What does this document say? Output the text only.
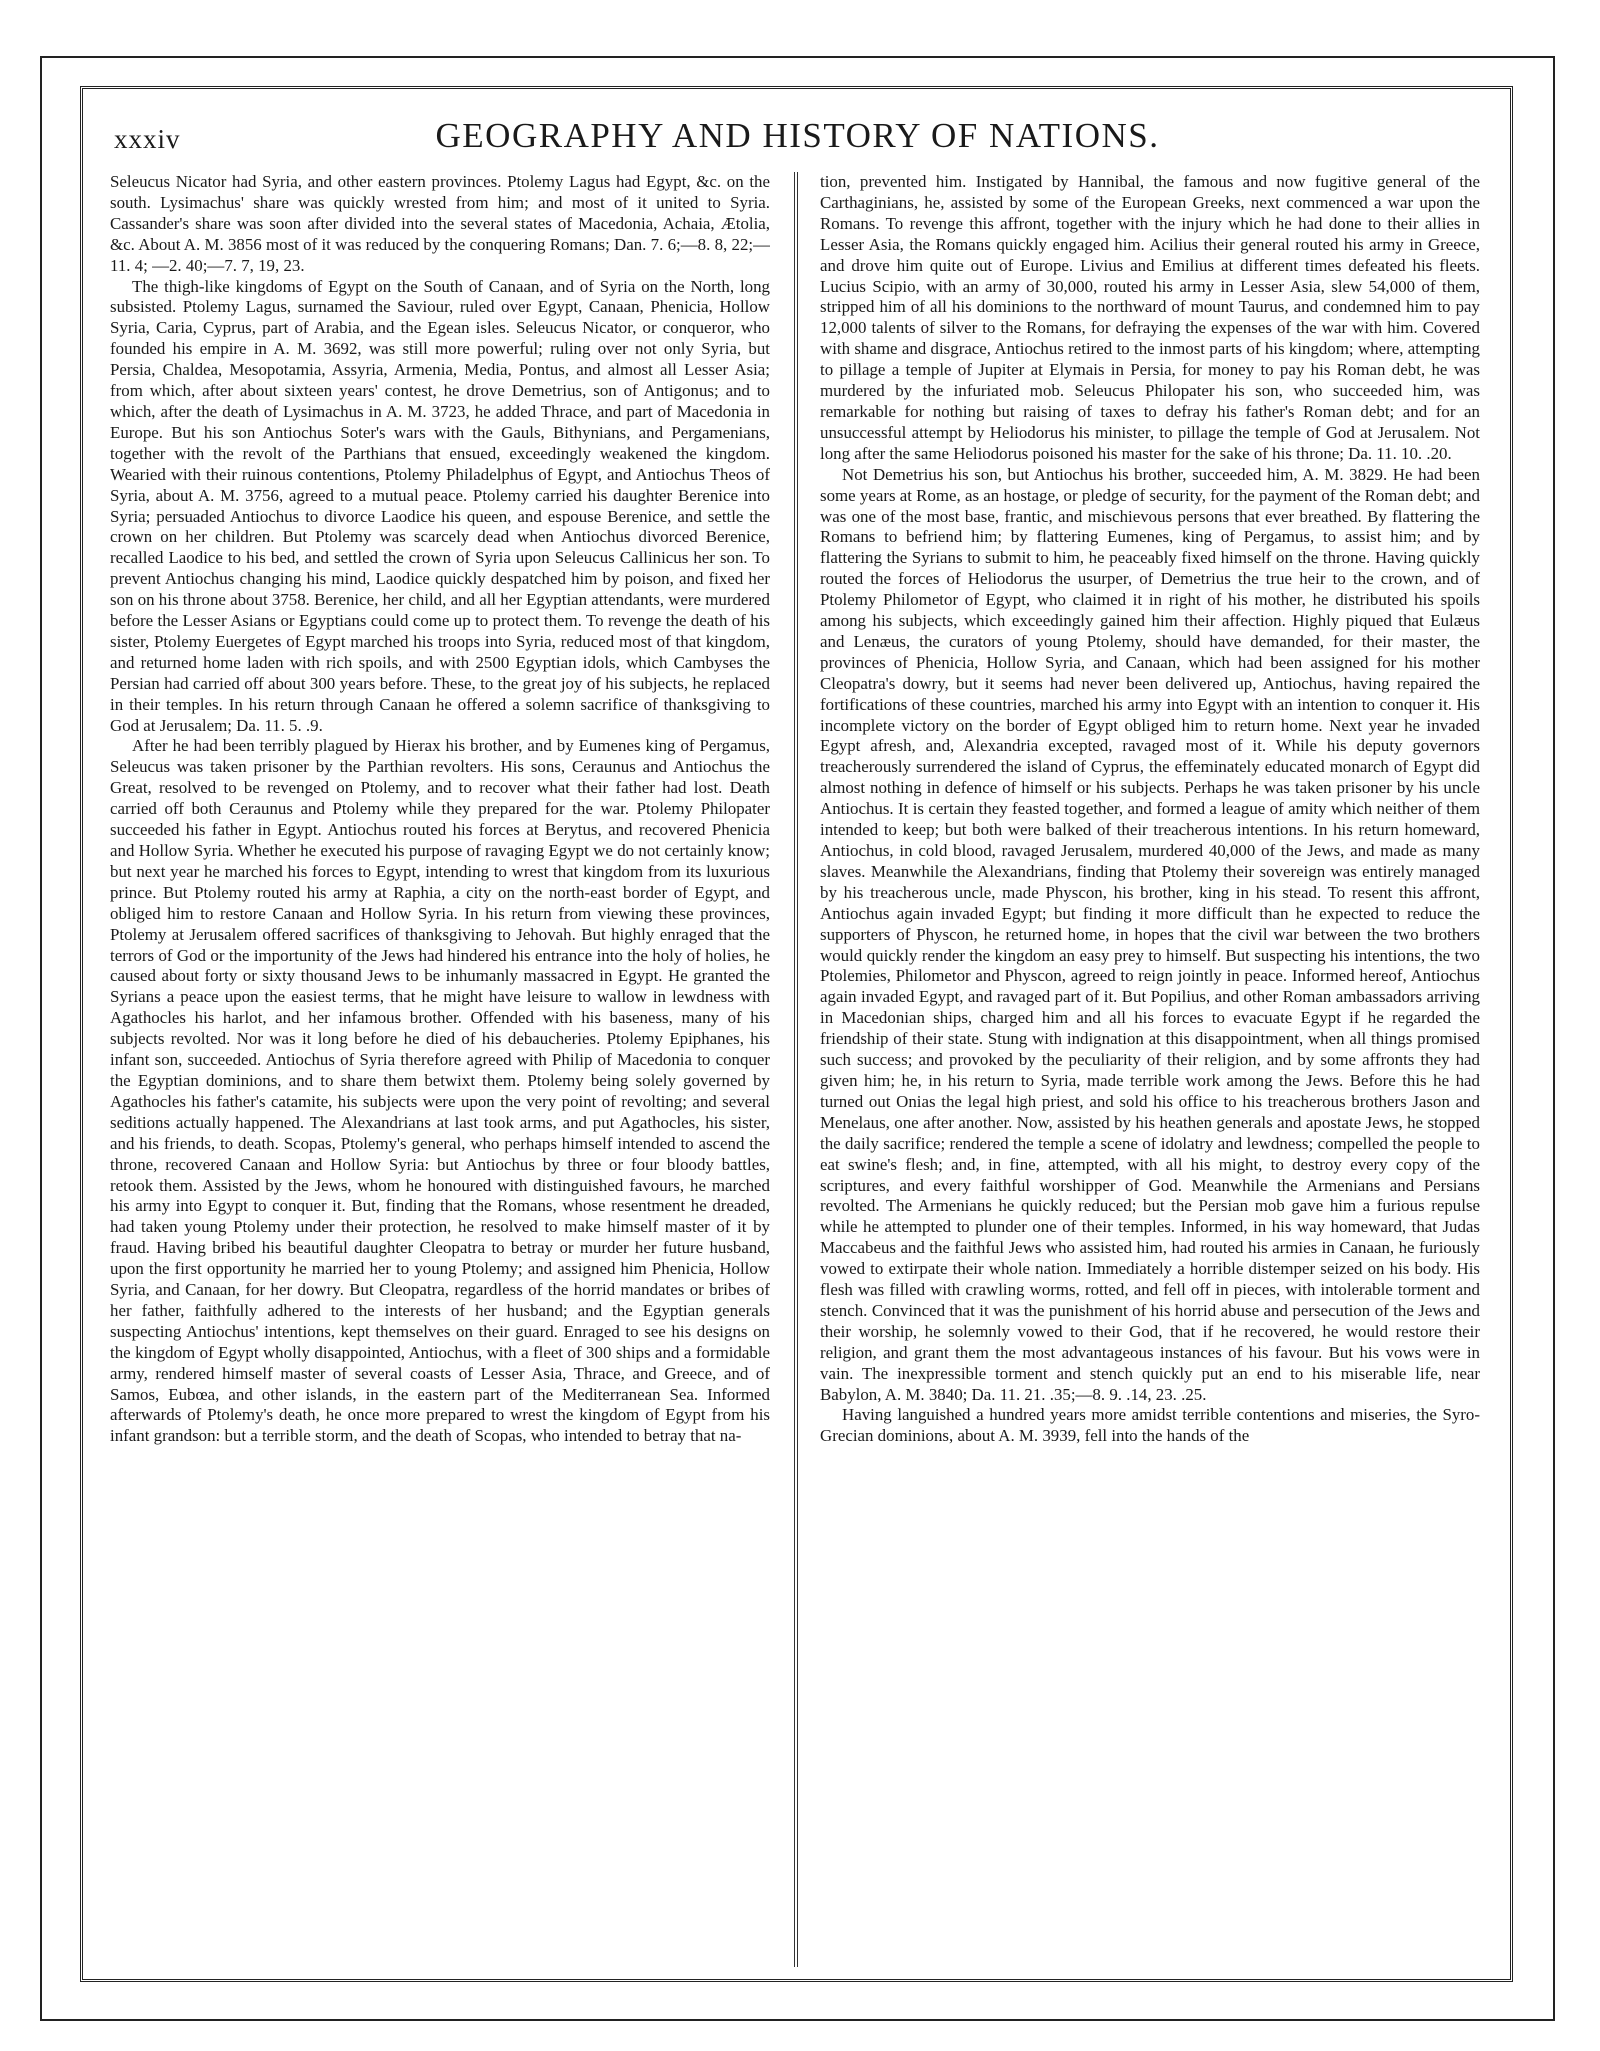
xxxiv	GEOGRAPHY AND HISTORY OF NATIONS.

Seleucus Nicator had Syria, and other eastern provinces. Ptolemy Lagus had Egypt, &c. on the south. Lysimachus' share was quickly wrested from him; and most of it united to Syria. Cassander's share was soon after divided into the several states of Macedonia, Achaia, Ætolia, &c. About A. M. 3856 most of it was reduced by the conquering Romans; Dan. 7. 6;—8. 8, 22;—11. 4; —2. 40;—7. 7, 19, 23.

The thigh-like kingdoms of Egypt on the South of Canaan, and of Syria on the North, long subsisted. Ptolemy Lagus, surnamed the Saviour, ruled over Egypt, Canaan, Phenicia, Hollow Syria, Caria, Cyprus, part of Arabia, and the Egean isles. Seleucus Nicator, or conqueror, who founded his empire in A. M. 3692, was still more powerful; ruling over not only Syria, but Persia, Chaldea, Mesopotamia, Assyria, Armenia, Media, Pontus, and almost all Lesser Asia; from which, after about sixteen years' contest, he drove Demetrius, son of Antigonus; and to which, after the death of Lysimachus in A. M. 3723, he added Thrace, and part of Macedonia in Europe. But his son Antiochus Soter's wars with the Gauls, Bithynians, and Pergamenians, together with the revolt of the Parthians that ensued, exceedingly weakened the kingdom. Wearied with their ruinous contentions, Ptolemy Philadelphus of Egypt, and Antiochus Theos of Syria, about A. M. 3756, agreed to a mutual peace. Ptolemy carried his daughter Berenice into Syria; persuaded Antiochus to divorce Laodice his queen, and espouse Berenice, and settle the crown on her children. But Ptolemy was scarcely dead when Antiochus divorced Berenice, recalled Laodice to his bed, and settled the crown of Syria upon Seleucus Callinicus her son. To prevent Antiochus changing his mind, Laodice quickly despatched him by poison, and fixed her son on his throne about 3758. Berenice, her child, and all her Egyptian attendants, were murdered before the Lesser Asians or Egyptians could come up to protect them. To revenge the death of his sister, Ptolemy Euergetes of Egypt marched his troops into Syria, reduced most of that kingdom, and returned home laden with rich spoils, and with 2500 Egyptian idols, which Cambyses the Persian had carried off about 300 years before. These, to the great joy of his subjects, he replaced in their temples. In his return through Canaan he offered a solemn sacrifice of thanksgiving to God at Jerusalem; Da. 11. 5. .9.

After he had been terribly plagued by Hierax his brother, and by Eumenes king of Pergamus, Seleucus was taken prisoner by the Parthian revolters. His sons, Ceraunus and Antiochus the Great, resolved to be revenged on Ptolemy, and to recover what their father had lost. Death carried off both Ceraunus and Ptolemy while they prepared for the war. Ptolemy Philopater succeeded his father in Egypt. Antiochus routed his forces at Berytus, and recovered Phenicia and Hollow Syria. Whether he executed his purpose of ravaging Egypt we do not certainly know; but next year he marched his forces to Egypt, intending to wrest that kingdom from its luxurious prince. But Ptolemy routed his army at Raphia, a city on the north-east border of Egypt, and obliged him to restore Canaan and Hollow Syria. In his return from viewing these provinces, Ptolemy at Jerusalem offered sacrifices of thanksgiving to Jehovah. But highly enraged that the terrors of God or the importunity of the Jews had hindered his entrance into the holy of holies, he caused about forty or sixty thousand Jews to be inhumanly massacred in Egypt. He granted the Syrians a peace upon the easiest terms, that he might have leisure to wallow in lewdness with Agathocles his harlot, and her infamous brother. Offended with his baseness, many of his subjects revolted. Nor was it long before he died of his debaucheries. Ptolemy Epiphanes, his infant son, succeeded. Antiochus of Syria therefore agreed with Philip of Macedonia to conquer the Egyptian dominions, and to share them betwixt them. Ptolemy being solely governed by Agathocles his father's catamite, his subjects were upon the very point of revolting; and several seditions actually happened. The Alexandrians at last took arms, and put Agathocles, his sister, and his friends, to death. Scopas, Ptolemy's general, who perhaps himself intended to ascend the throne, recovered Canaan and Hollow Syria: but Antiochus by three or four bloody battles, retook them. Assisted by the Jews, whom he honoured with distinguished favours, he marched his army into Egypt to conquer it. But, finding that the Romans, whose resentment he dreaded, had taken young Ptolemy under their protection, he resolved to make himself master of it by fraud. Having bribed his beautiful daughter Cleopatra to betray or murder her future husband, upon the first opportunity he married her to young Ptolemy; and assigned him Phenicia, Hollow Syria, and Canaan, for her dowry. But Cleopatra, regardless of the horrid mandates or bribes of her father, faithfully adhered to the interests of her husband; and the Egyptian generals suspecting Antiochus' intentions, kept themselves on their guard. Enraged to see his designs on the kingdom of Egypt wholly disappointed, Antiochus, with a fleet of 300 ships and a formidable army, rendered himself master of several coasts of Lesser Asia, Thrace, and Greece, and of Samos, Eubœa, and other islands, in the eastern part of the Mediterranean Sea. Informed afterwards of Ptolemy's death, he once more prepared to wrest the kingdom of Egypt from his infant grandson: but a terrible storm, and the death of Scopas, who intended to betray that na-

tion, prevented him. Instigated by Hannibal, the famous and now fugitive general of the Carthaginians, he, assisted by some of the European Greeks, next commenced a war upon the Romans. To revenge this affront, together with the injury which he had done to their allies in Lesser Asia, the Romans quickly engaged him. Acilius their general routed his army in Greece, and drove him quite out of Europe. Livius and Emilius at different times defeated his fleets. Lucius Scipio, with an army of 30,000, routed his army in Lesser Asia, slew 54,000 of them, stripped him of all his dominions to the northward of mount Taurus, and condemned him to pay 12,000 talents of silver to the Romans, for defraying the expenses of the war with him. Covered with shame and disgrace, Antiochus retired to the inmost parts of his kingdom; where, attempting to pillage a temple of Jupiter at Elymais in Persia, for money to pay his Roman debt, he was murdered by the infuriated mob. Seleucus Philopater his son, who succeeded him, was remarkable for nothing but raising of taxes to defray his father's Roman debt; and for an unsuccessful attempt by Heliodorus his minister, to pillage the temple of God at Jerusalem. Not long after the same Heliodorus poisoned his master for the sake of his throne; Da. 11. 10. .20.

Not Demetrius his son, but Antiochus his brother, succeeded him, A. M. 3829. He had been some years at Rome, as an hostage, or pledge of security, for the payment of the Roman debt; and was one of the most base, frantic, and mischievous persons that ever breathed. By flattering the Romans to befriend him; by flattering Eumenes, king of Pergamus, to assist him; and by flattering the Syrians to submit to him, he peaceably fixed himself on the throne. Having quickly routed the forces of Heliodorus the usurper, of Demetrius the true heir to the crown, and of Ptolemy Philometor of Egypt, who claimed it in right of his mother, he distributed his spoils among his subjects, which exceedingly gained him their affection. Highly piqued that Eulæus and Lenæus, the curators of young Ptolemy, should have demanded, for their master, the provinces of Phenicia, Hollow Syria, and Canaan, which had been assigned for his mother Cleopatra's dowry, but it seems had never been delivered up, Antiochus, having repaired the fortifications of these countries, marched his army into Egypt with an intention to conquer it. His incomplete victory on the border of Egypt obliged him to return home. Next year he invaded Egypt afresh, and, Alexandria excepted, ravaged most of it. While his deputy governors treacherously surrendered the island of Cyprus, the effeminately educated monarch of Egypt did almost nothing in defence of himself or his subjects. Perhaps he was taken prisoner by his uncle Antiochus. It is certain they feasted together, and formed a league of amity which neither of them intended to keep; but both were balked of their treacherous intentions. In his return homeward, Antiochus, in cold blood, ravaged Jerusalem, murdered 40,000 of the Jews, and made as many slaves. Meanwhile the Alexandrians, finding that Ptolemy their sovereign was entirely managed by his treacherous uncle, made Physcon, his brother, king in his stead. To resent this affront, Antiochus again invaded Egypt; but finding it more difficult than he expected to reduce the supporters of Physcon, he returned home, in hopes that the civil war between the two brothers would quickly render the kingdom an easy prey to himself. But suspecting his intentions, the two Ptolemies, Philometor and Physcon, agreed to reign jointly in peace. Informed hereof, Antiochus again invaded Egypt, and ravaged part of it. But Popilius, and other Roman ambassadors arriving in Macedonian ships, charged him and all his forces to evacuate Egypt if he regarded the friendship of their state. Stung with indignation at this disappointment, when all things promised such success; and provoked by the peculiarity of their religion, and by some affronts they had given him; he, in his return to Syria, made terrible work among the Jews. Before this he had turned out Onias the legal high priest, and sold his office to his treacherous brothers Jason and Menelaus, one after another. Now, assisted by his heathen generals and apostate Jews, he stopped the daily sacrifice; rendered the temple a scene of idolatry and lewdness; compelled the people to eat swine's flesh; and, in fine, attempted, with all his might, to destroy every copy of the scriptures, and every faithful worshipper of God. Meanwhile the Armenians and Persians revolted. The Armenians he quickly reduced; but the Persian mob gave him a furious repulse while he attempted to plunder one of their temples. Informed, in his way homeward, that Judas Maccabeus and the faithful Jews who assisted him, had routed his armies in Canaan, he furiously vowed to extirpate their whole nation. Immediately a horrible distemper seized on his body. His flesh was filled with crawling worms, rotted, and fell off in pieces, with intolerable torment and stench. Convinced that it was the punishment of his horrid abuse and persecution of the Jews and their worship, he solemnly vowed to their God, that if he recovered, he would restore their religion, and grant them the most advantageous instances of his favour. But his vows were in vain. The inexpressible torment and stench quickly put an end to his miserable life, near Babylon, A. M. 3840; Da. 11. 21. .35;—8. 9. .14, 23. .25.

Having languished a hundred years more amidst terrible contentions and miseries, the Syro-Grecian dominions, about A. M. 3939, fell into the hands of the
